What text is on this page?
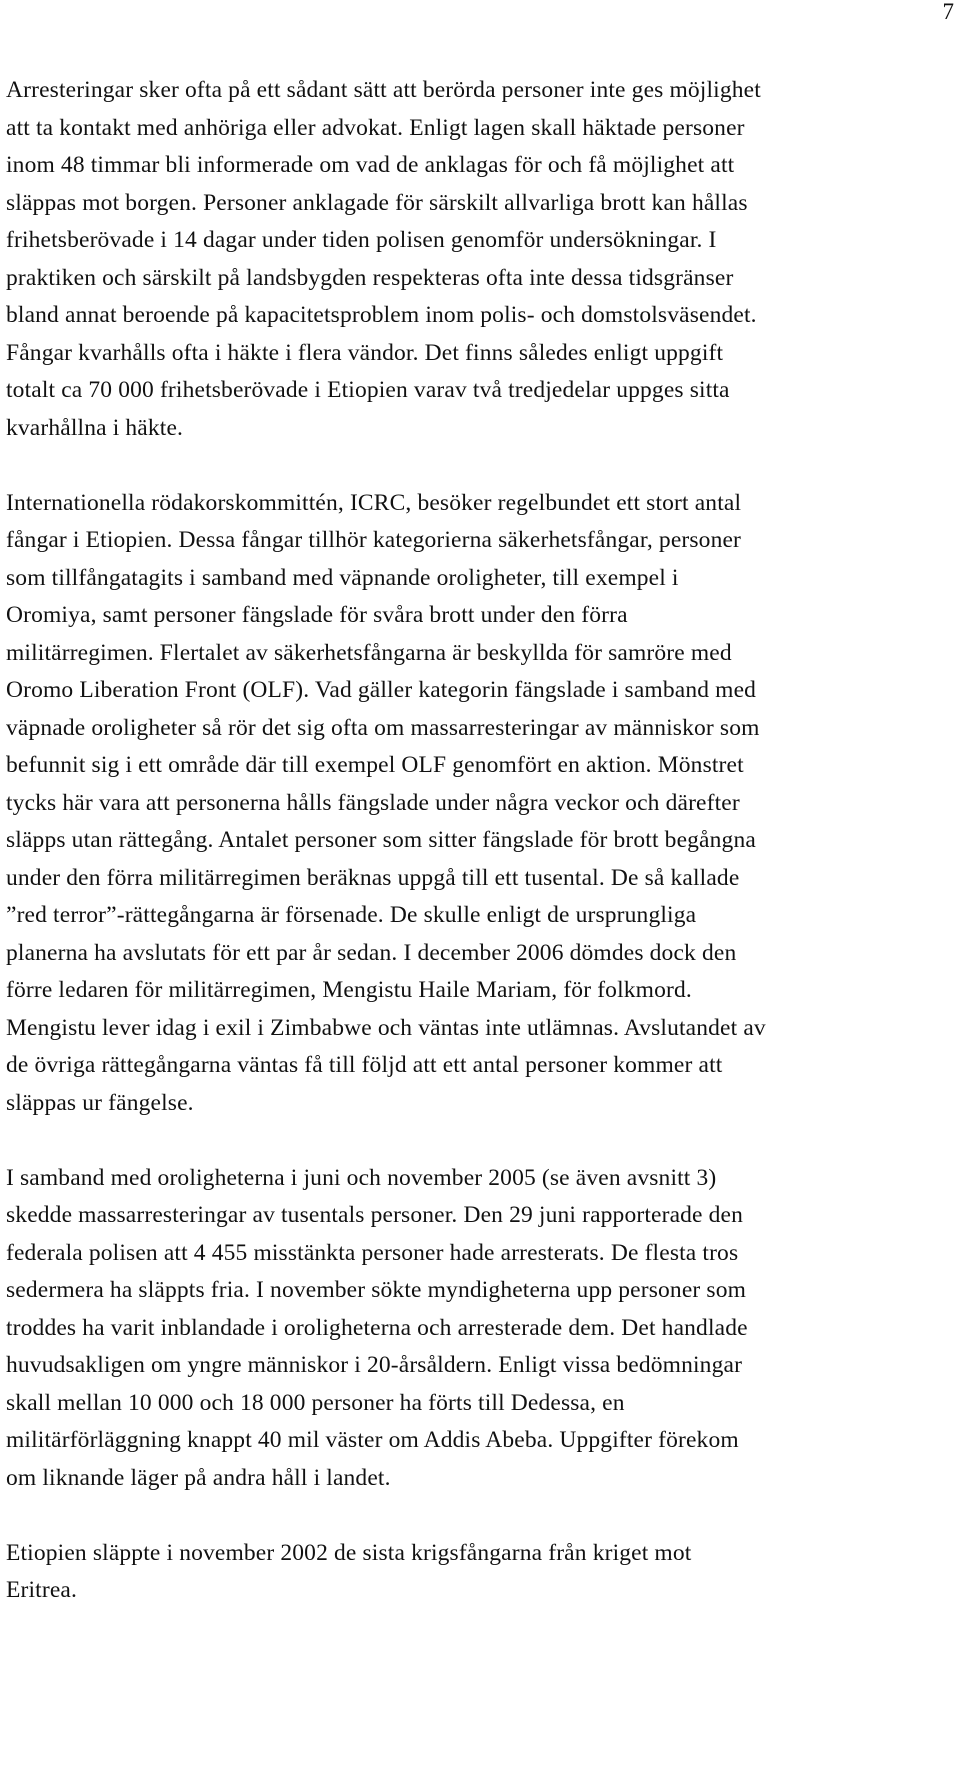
7

Arresteringar sker ofta på ett sådant sätt att berörda personer inte ges möjlighet
att ta kontakt med anhöriga eller advokat. Enligt lagen skall häktade personer
inom 48 timmar bli informerade om vad de anklagas för och få möjlighet att
släppas mot borgen. Personer anklagade för särskilt allvarliga brott kan hållas
frihetsberövade i 14 dagar under tiden polisen genomför undersökningar. I
praktiken och särskilt på landsbygden respekteras ofta inte dessa tidsgränser
bland annat beroende på kapacitetsproblem inom polis- och domstolsväsendet.
Fångar kvarhålls ofta i häkte i flera vändor. Det finns således enligt uppgift
totalt ca 70 000 frihetsberövade i Etiopien varav två tredjedelar uppges sitta
kvarhållna i häkte.

Internationella rödakorskommittén, ICRC, besöker regelbundet ett stort antal
fångar i Etiopien. Dessa fångar tillhör kategorierna säkerhetsfångar, personer
som tillfångatagits i samband med väpnande oroligheter, till exempel i
Oromiya, samt personer fängslade för svåra brott under den förra
militärregimen. Flertalet av säkerhetsfångarna är beskyllda för samröre med
Oromo Liberation Front (OLF). Vad gäller kategorin fängslade i samband med
väpnade oroligheter så rör det sig ofta om massarresteringar av människor som
befunnit sig i ett område där till exempel OLF genomfört en aktion. Mönstret
tycks här vara att personerna hålls fängslade under några veckor och därefter
släpps utan rättegång. Antalet personer som sitter fängslade för brott begångna
under den förra militärregimen beräknas uppgå till ett tusental. De så kallade
”red terror”-rättegångarna är försenade. De skulle enligt de ursprungliga
planerna ha avslutats för ett par år sedan. I december 2006 dömdes dock den
förre ledaren för militärregimen, Mengistu Haile Mariam, för folkmord.
Mengistu lever idag i exil i Zimbabwe och väntas inte utlämnas. Avslutandet av
de övriga rättegångarna väntas få till följd att ett antal personer kommer att
släppas ur fängelse.

I samband med oroligheterna i juni och november 2005 (se även avsnitt 3)
skedde massarresteringar av tusentals personer. Den 29 juni rapporterade den
federala polisen att 4 455 misstänkta personer hade arresterats. De flesta tros
sedermera ha släppts fria. I november sökte myndigheterna upp personer som
troddes ha varit inblandade i oroligheterna och arresterade dem. Det handlade
huvudsakligen om yngre människor i 20-årsåldern. Enligt vissa bedömningar
skall mellan 10 000 och 18 000 personer ha förts till Dedessa, en
militärförläggning knappt 40 mil väster om Addis Abeba. Uppgifter förekom
om liknande läger på andra håll i landet.

Etiopien släppte i november 2002 de sista krigsfångarna från kriget mot
Eritrea.
